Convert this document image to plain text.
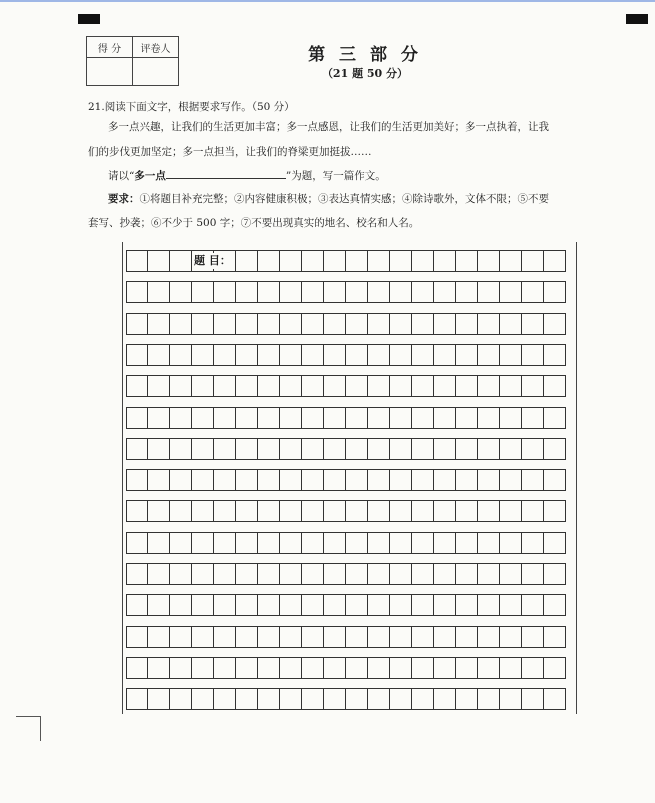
得 分	评卷人
		第 三 部 分
（21 题 50 分）
21.阅读下面文字，根据要求写作。（50 分）
多一点兴趣，让我们的生活更加丰富；多一点感恩，让我们的生活更加美好；多一点执着，让我
们的步伐更加坚定；多一点担当，让我们的脊梁更加挺拔……
请以“多一点	”为题，写一篇作文。
要求：①将题目补充完整；②内容健康积极；③表达真情实感；④除诗歌外，文体不限；⑤不要
套写、抄袭；⑥不少于 500 字；⑦不要出现真实的地名、校名和人名。
题 目：
